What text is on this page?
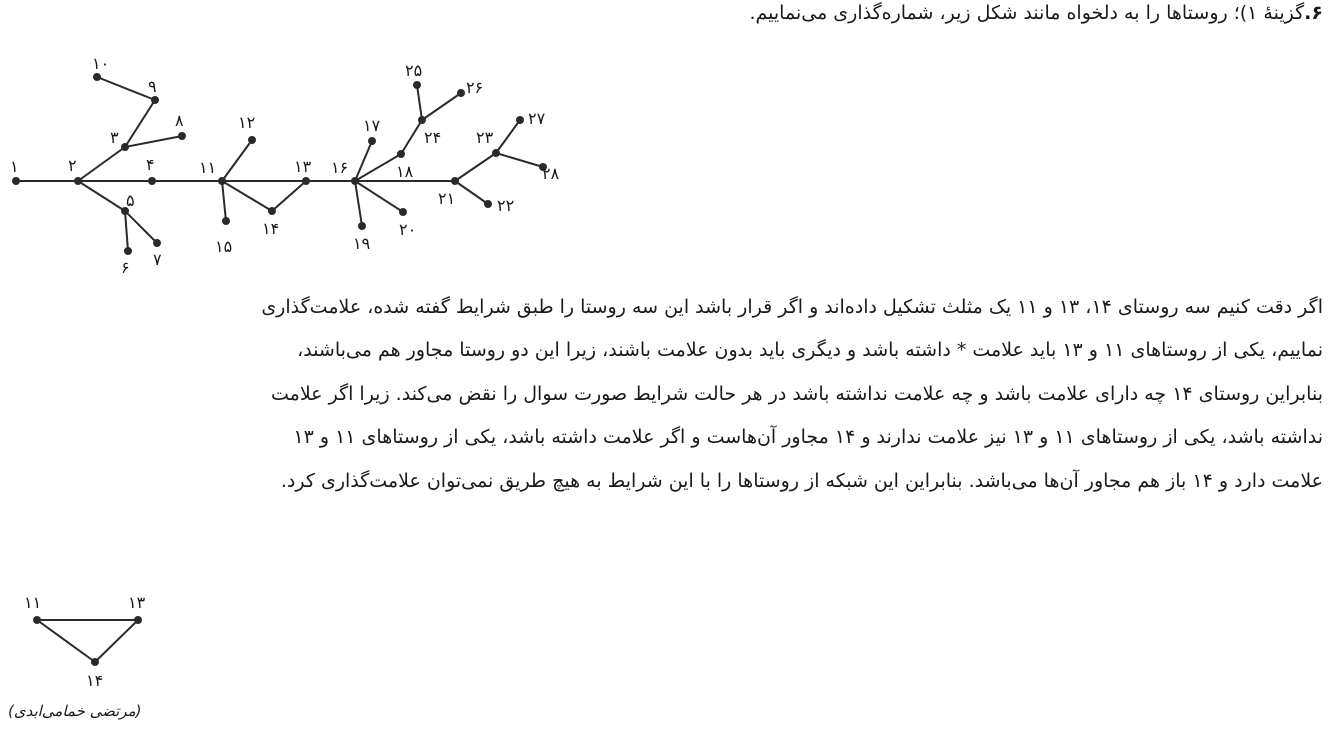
۶.گزینهٔ ۱)؛ روستاها را به دلخواه مانند شکل زیر، شماره‌گذاری می‌نماییم.
۱	۲
۳
۴
۵
۶ ۷
۸
۹
۱۰
۱۱
۱۲
۱۳
۱۴
۱۵
۱۶
۱۷
۱۸
۱۹
۲۰
۲۱	۲۲
۲۳
۲۴
۲۵
۲۶
۲۷
۲۸
اگر دقت کنیم سه روستای ۱۴، ۱۳ و ۱۱ یک مثلث تشکیل داده‌اند و اگر قرار باشد این سه روستا را طبق شرایط گفته شده، علامت‌گذاری
نماییم، یکی از روستاهای ۱۱ و ۱۳ باید علامت * داشته باشد و دیگری باید بدون علامت باشند، زیرا این دو روستا مجاور هم می‌باشند،
بنابراین روستای ۱۴ چه دارای علامت باشد و چه علامت نداشته باشد در هر حالت شرایط صورت سوال را نقض می‌کند. زیرا اگر علامت
نداشته باشد، یکی از روستاهای ۱۱ و ۱۳ نیز علامت ندارند و ۱۴ مجاور آن‌هاست و اگر علامت داشته باشد، یکی از روستاهای ۱۱ و ۱۳
علامت دارد و ۱۴ باز هم مجاور آن‌ها می‌باشد. بنابراین این شبکه از روستاها را با این شرایط به هیچ طریق نمی‌توان علامت‌گذاری کرد.
۱۱	۱۳
۱۴
(مرتضی خمامی‌ابدی)
